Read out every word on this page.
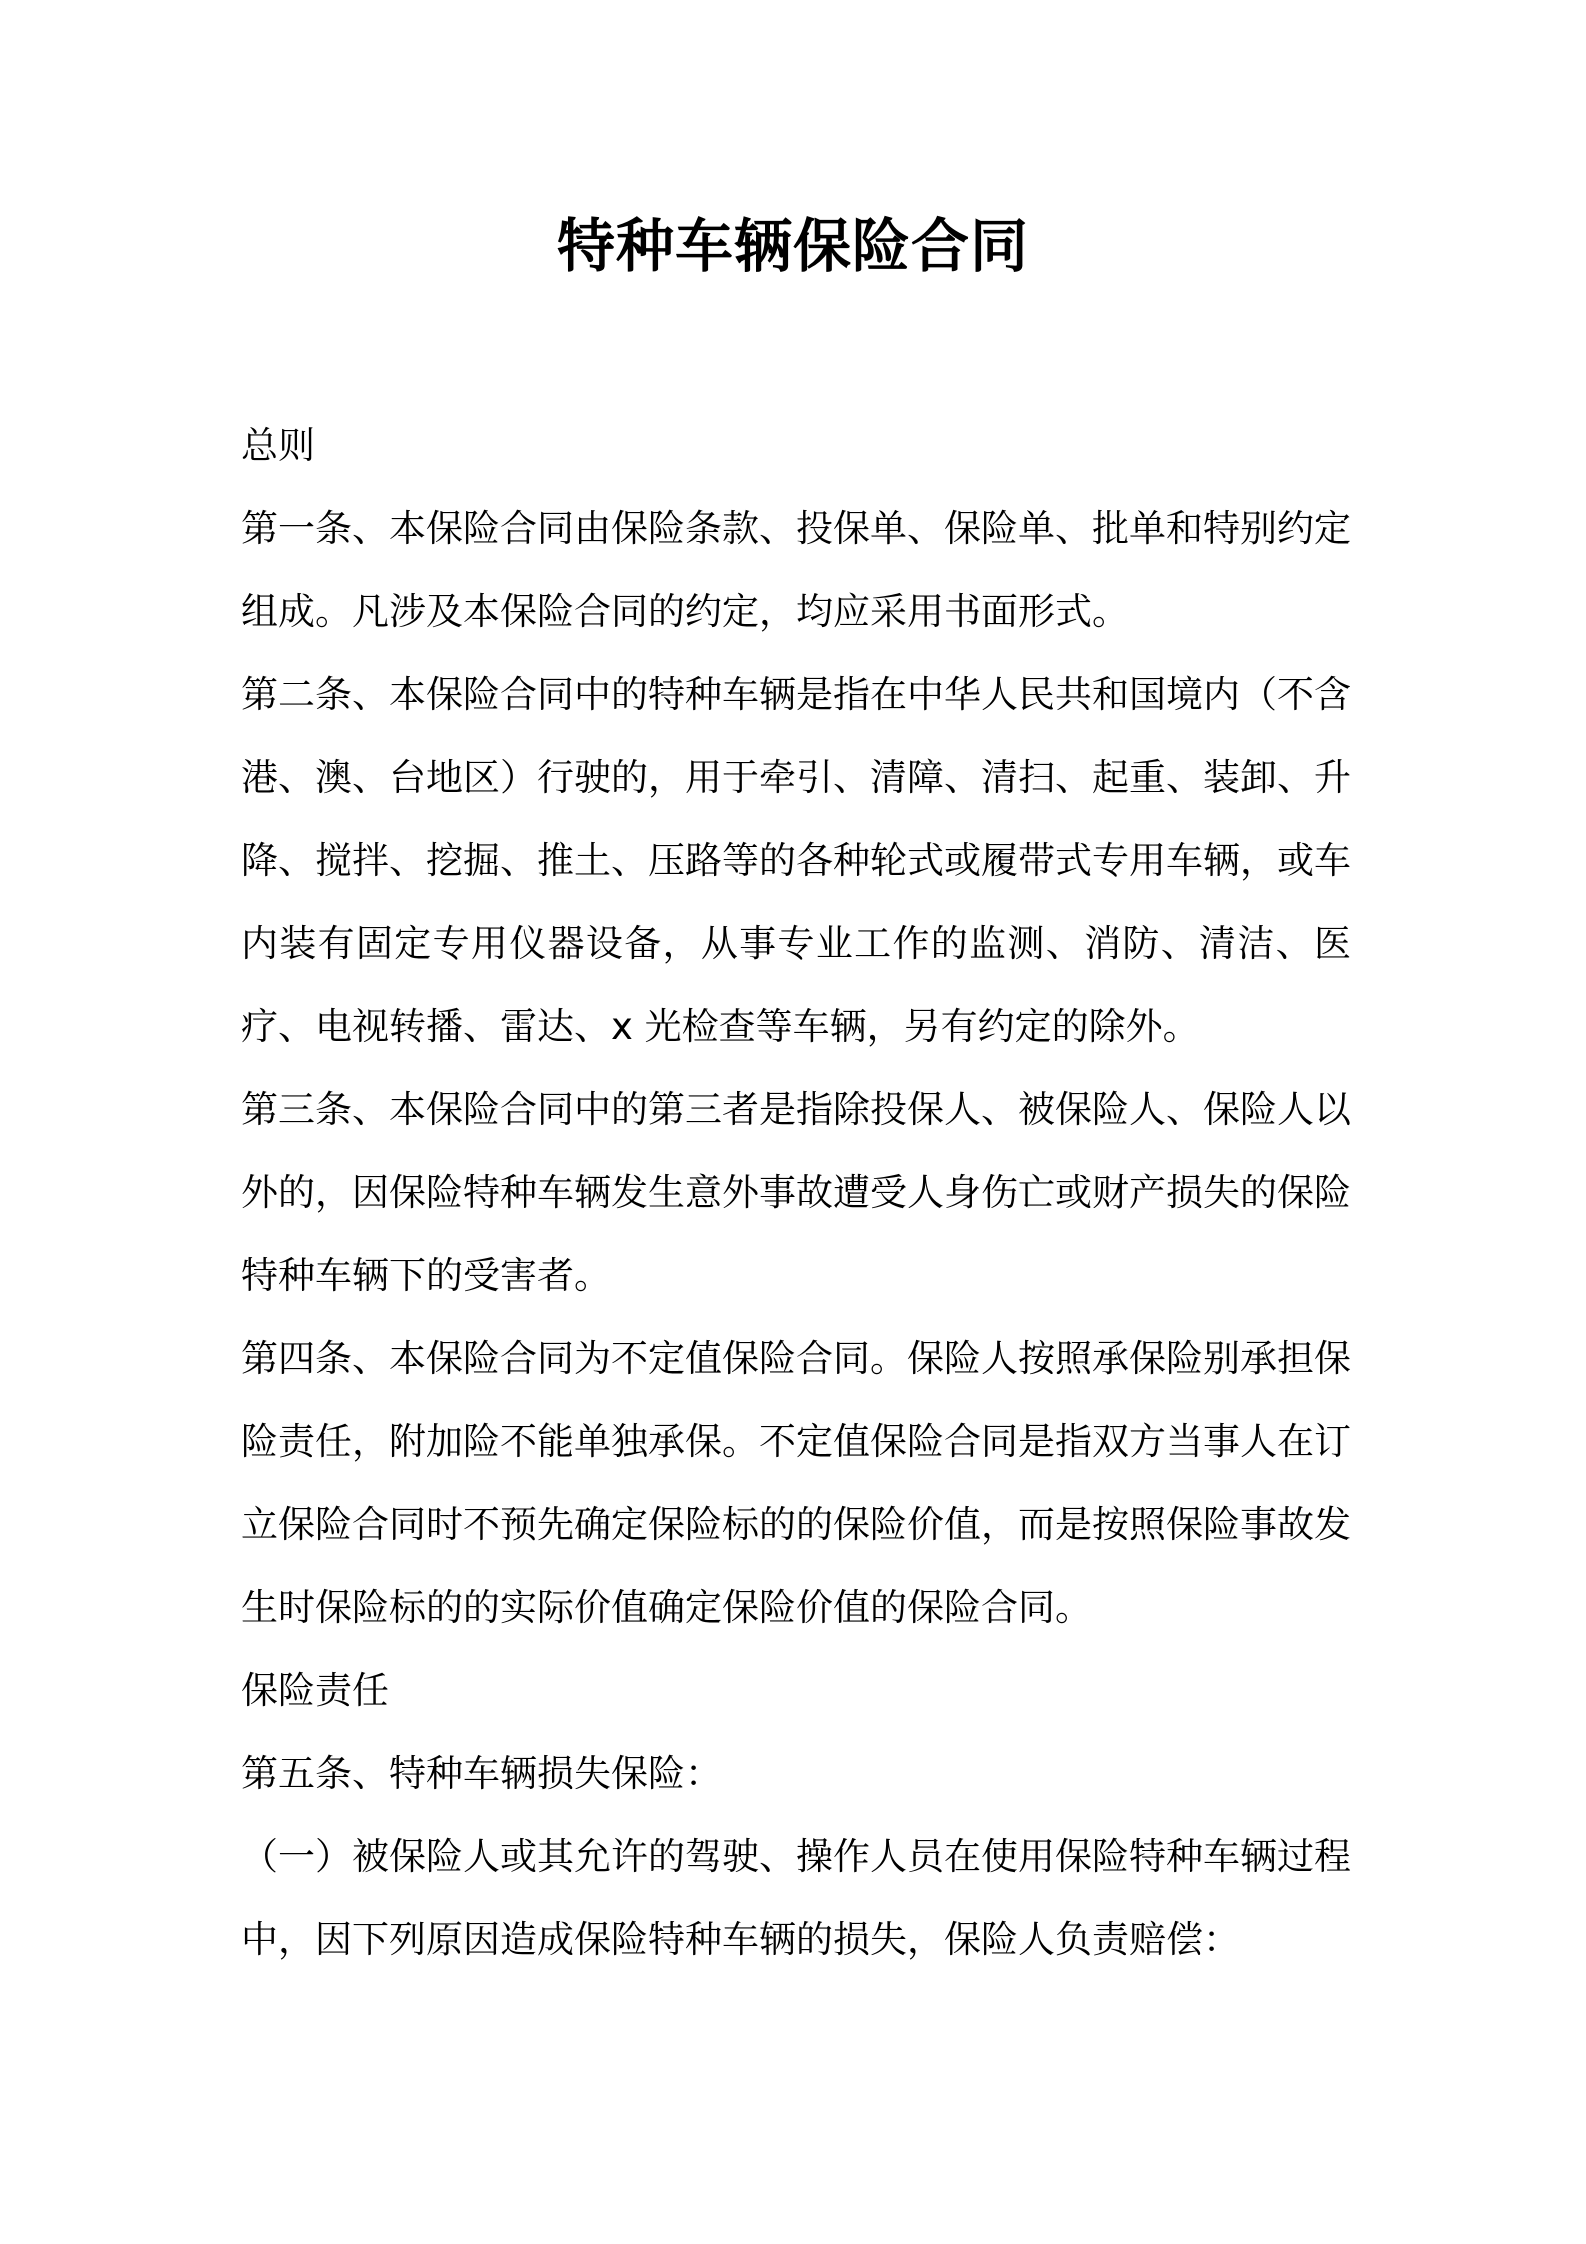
特种车辆保险合同

总则

第一条、本保险合同由保险条款、投保单、保险单、批单和特别约定组成。凡涉及本保险合同的约定，均应采用书面形式。

第二条、本保险合同中的特种车辆是指在中华人民共和国境内（不含港、澳、台地区）行驶的，用于牵引、清障、清扫、起重、装卸、升降、搅拌、挖掘、推土、压路等的各种轮式或履带式专用车辆，或车内装有固定专用仪器设备，从事专业工作的监测、消防、清洁、医疗、电视转播、雷达、x 光检查等车辆，另有约定的除外。

第三条、本保险合同中的第三者是指除投保人、被保险人、保险人以外的，因保险特种车辆发生意外事故遭受人身伤亡或财产损失的保险特种车辆下的受害者。

第四条、本保险合同为不定值保险合同。保险人按照承保险别承担保险责任，附加险不能单独承保。不定值保险合同是指双方当事人在订立保险合同时不预先确定保险标的的保险价值，而是按照保险事故发生时保险标的的实际价值确定保险价值的保险合同。

保险责任

第五条、特种车辆损失保险：

（一）被保险人或其允许的驾驶、操作人员在使用保险特种车辆过程中，因下列原因造成保险特种车辆的损失，保险人负责赔偿：
